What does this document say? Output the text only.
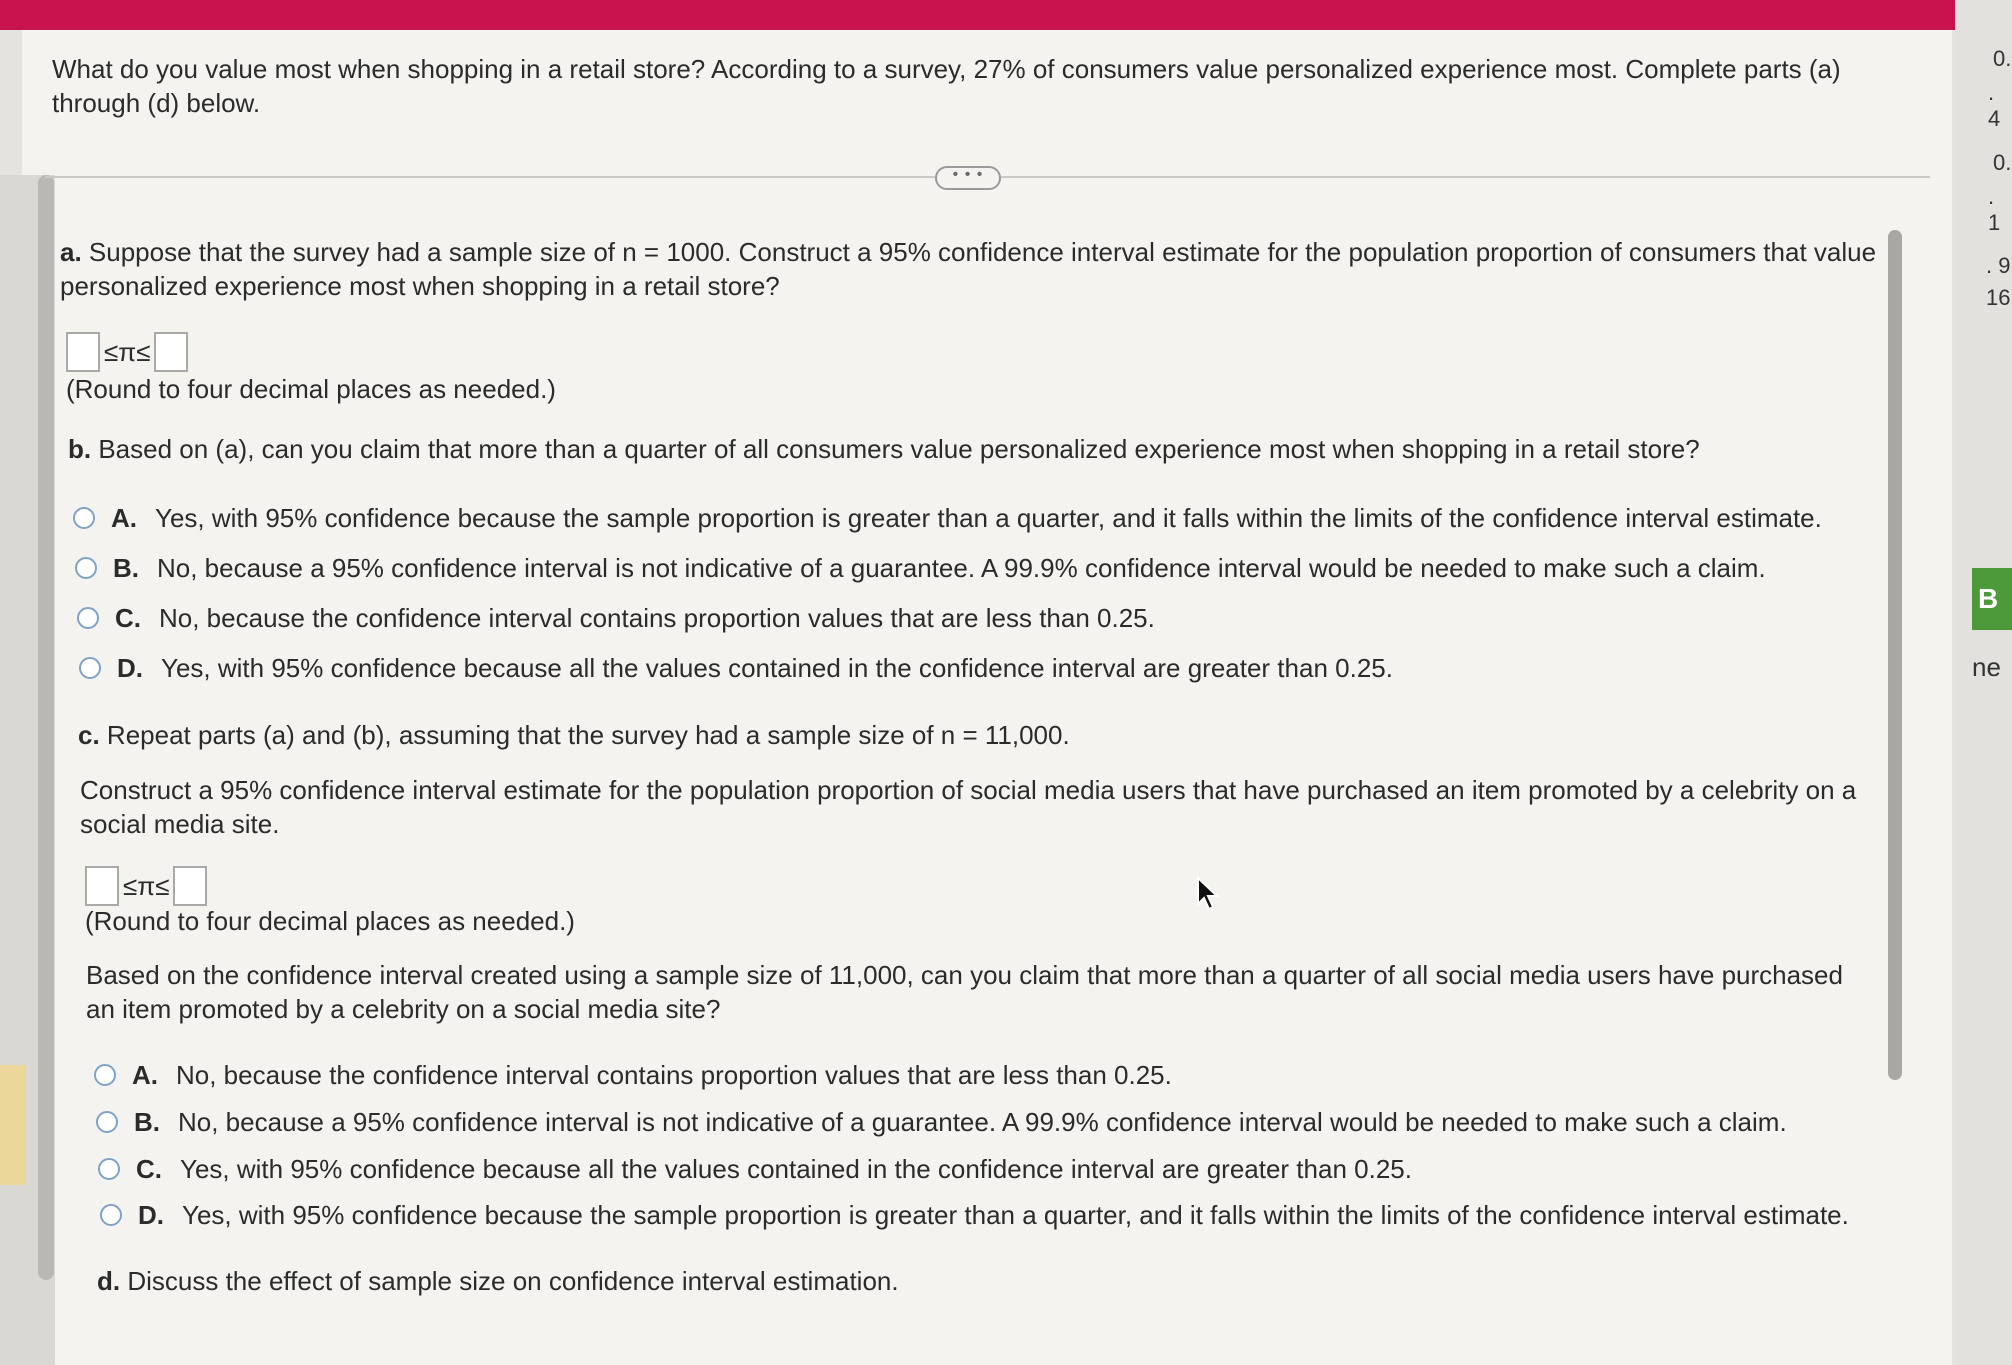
What do you value most when shopping in a retail store? According to a survey, 27% of consumers value personalized experience most. Complete parts (a) through (d) below.

• • •

a. Suppose that the survey had a sample size of n = 1000. Construct a 95% confidence interval estimate for the population proportion of consumers that value personalized experience most when shopping in a retail store?

≤π≤
(Round to four decimal places as needed.)

b. Based on (a), can you claim that more than a quarter of all consumers value personalized experience most when shopping in a retail store?

A. Yes, with 95% confidence because the sample proportion is greater than a quarter, and it falls within the limits of the confidence interval estimate.
B. No, because a 95% confidence interval is not indicative of a guarantee. A 99.9% confidence interval would be needed to make such a claim.
C. No, because the confidence interval contains proportion values that are less than 0.25.
D. Yes, with 95% confidence because all the values contained in the confidence interval are greater than 0.25.

c. Repeat parts (a) and (b), assuming that the survey had a sample size of n = 11,000.

Construct a 95% confidence interval estimate for the population proportion of social media users that have purchased an item promoted by a celebrity on a social media site.

≤π≤
(Round to four decimal places as needed.)

Based on the confidence interval created using a sample size of 11,000, can you claim that more than a quarter of all social media users have purchased an item promoted by a celebrity on a social media site?

A. No, because the confidence interval contains proportion values that are less than 0.25.
B. No, because a 95% confidence interval is not indicative of a guarantee. A 99.9% confidence interval would be needed to make such a claim.
C. Yes, with 95% confidence because all the values contained in the confidence interval are greater than 0.25.
D. Yes, with 95% confidence because the sample proportion is greater than a quarter, and it falls within the limits of the confidence interval estimate.

d. Discuss the effect of sample size on confidence interval estimation.

0.
. 4
0.
. 1
. 9
16
B
ne
